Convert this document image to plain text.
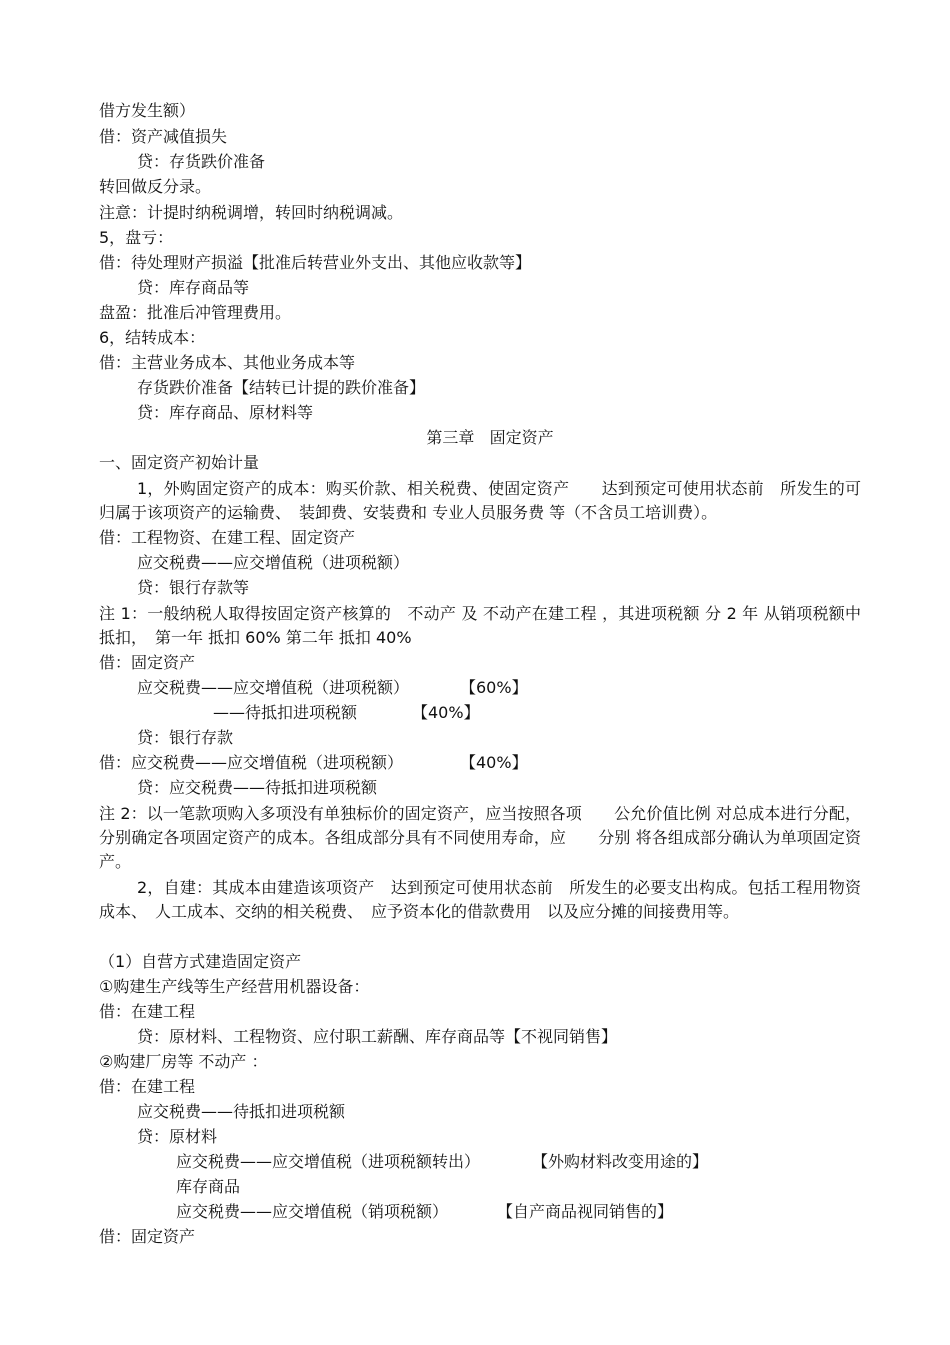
借方发生额）
借：资产减值损失
贷：存货跌价准备
转回做反分录。
注意：计提时纳税调增，转回时纳税调减。
5，盘亏：
借：待处理财产损溢【批准后转营业外支出、其他应收款等】
贷：库存商品等
盘盈：批准后冲管理费用。
6，结转成本：
借：主营业务成本、其他业务成本等
存货跌价准备【结转已计提的跌价准备】
贷：库存商品、原材料等
第三章   固定资产
一、固定资产初始计量
1，外购固定资产的成本：购买价款、相关税费、使固定资产　　达到预定可使用状态前　所发生的可归属于该项资产的运输费、　装卸费、安装费和 专业人员服务费 等（不含员工培训费）。
借：工程物资、在建工程、固定资产
应交税费——应交增值税（进项税额）
贷：银行存款等
注 1：一般纳税人取得按固定资产核算的　不动产 及 不动产在建工程 ，其进项税额 分 2 年 从销项税额中抵扣，　第一年 抵扣 60% 第二年 抵扣 40%
借：固定资产
应交税费——应交增值税（进项税额）	【60%】
——待抵扣进项税额	【40%】
贷：银行存款
借：应交税费——应交增值税（进项税额）	【40%】
贷：应交税费——待抵扣进项税额
注 2：以一笔款项购入多项没有单独标价的固定资产，应当按照各项　　公允价值比例 对总成本进行分配，分别确定各项固定资产的成本。各组成部分具有不同使用寿命，应　　分别 将各组成部分确认为单项固定资产。
2，自建：其成本由建造该项资产　达到预定可使用状态前　所发生的必要支出构成。包括工程用物资成本、　人工成本、交纳的相关税费、　应予资本化的借款费用　以及应分摊的间接费用等。
（1）自营方式建造固定资产
①购建生产线等生产经营用机器设备：
借：在建工程
贷：原材料、工程物资、应付职工薪酬、库存商品等【不视同销售】
②购建厂房等 不动产 ：
借：在建工程
应交税费——待抵扣进项税额
贷：原材料
应交税费——应交增值税（进项税额转出）	【外购材料改变用途的】
库存商品
应交税费——应交增值税（销项税额）	【自产商品视同销售的】
借：固定资产
